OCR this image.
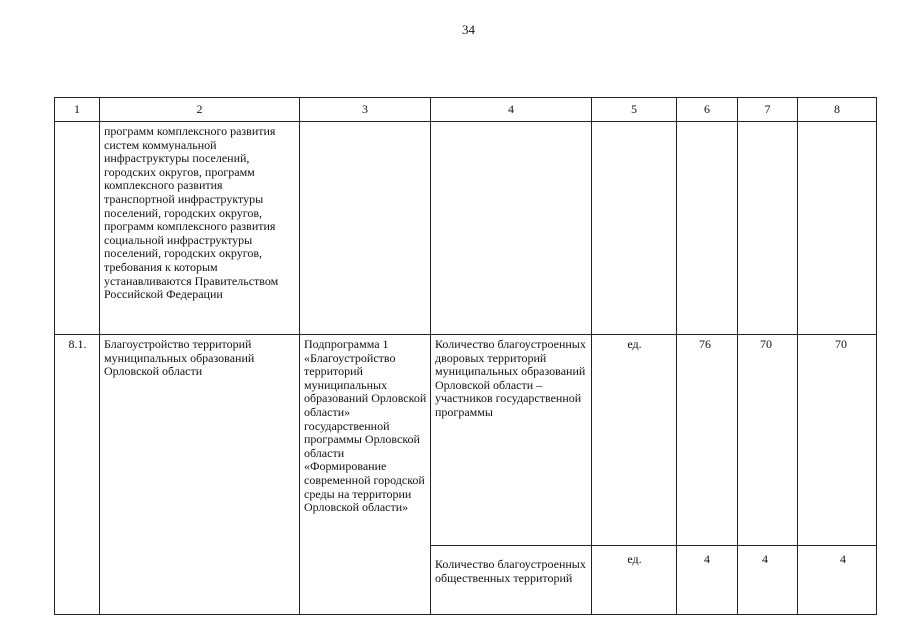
34
1	2	3	4	5	6	7	8
	программ комплексного развития систем коммунальной инфраструктуры поселений, городских округов, программ комплексного развития транспортной инфраструктуры поселений, городских округов, программ комплексного развития социальной инфраструктуры поселений, городских округов, требования к которым устанавливаются Правительством Российской Федерации						
8.1.	Благоустройство территорий муниципальных образований Орловской области	Подпрограмма 1 «Благоустройство территорий муниципальных образований Орловской области» государственной программы Орловской области «Формирование современной городской среды на территории Орловской области»	Количество благоустроенных дворовых территорий муниципальных образований Орловской области – участников государственной программы	ед.	76	70	70
			Количество благоустроенных общественных территорий	ед.	4	4	4
